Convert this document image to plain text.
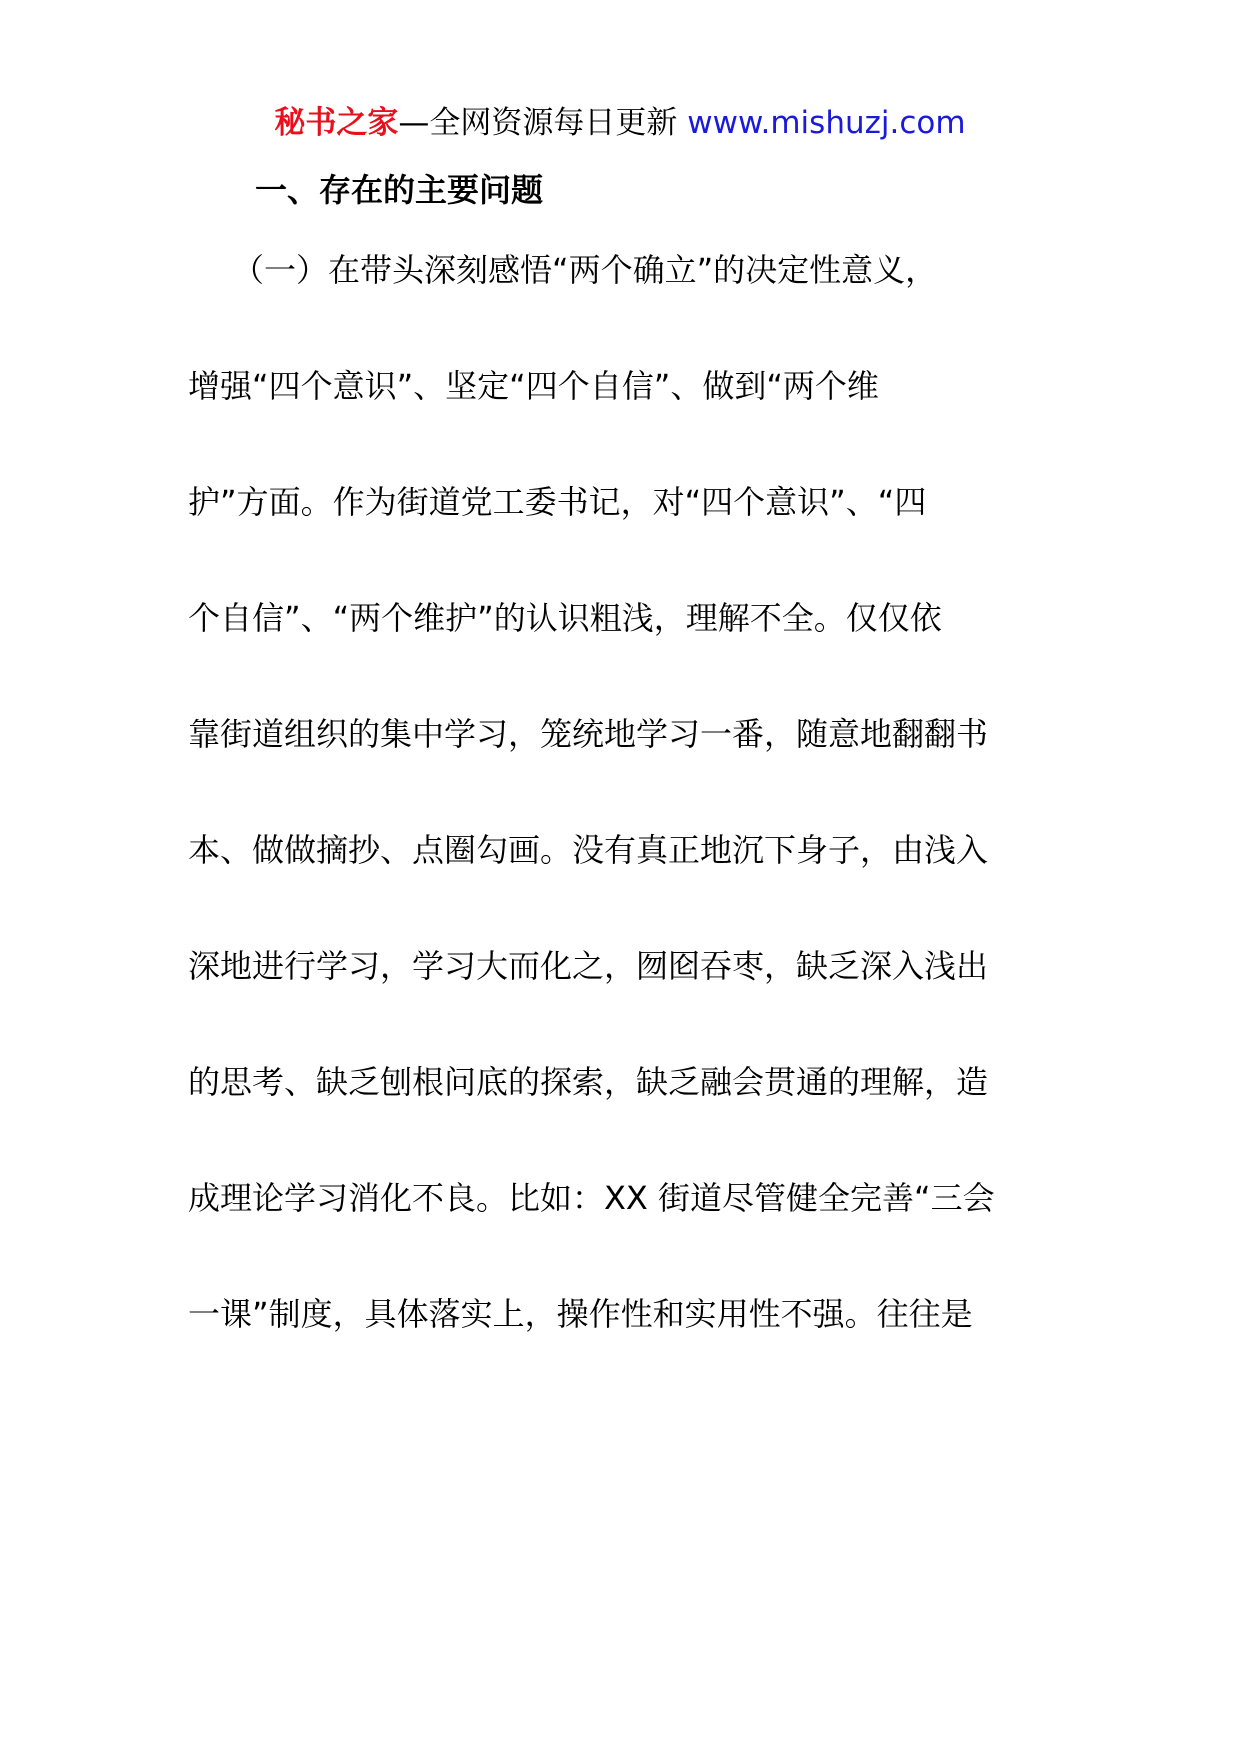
秘书之家—全网资源每日更新 www.mishuzj.com
一、存在的主要问题
（一）在带头深刻感悟“两个确立”的决定性意义，
增强“四个意识”、坚定“四个自信”、做到“两个维
护”方面。作为街道党工委书记，对“四个意识”、“四
个自信”、“两个维护”的认识粗浅，理解不全。仅仅依
靠街道组织的集中学习，笼统地学习一番，随意地翻翻书
本、做做摘抄、点圈勾画。没有真正地沉下身子，由浅入
深地进行学习，学习大而化之，囫囵吞枣，缺乏深入浅出
的思考、缺乏刨根问底的探索，缺乏融会贯通的理解，造
成理论学习消化不良。比如：XX 街道尽管健全完善“三会
一课”制度，具体落实上，操作性和实用性不强。往往是
